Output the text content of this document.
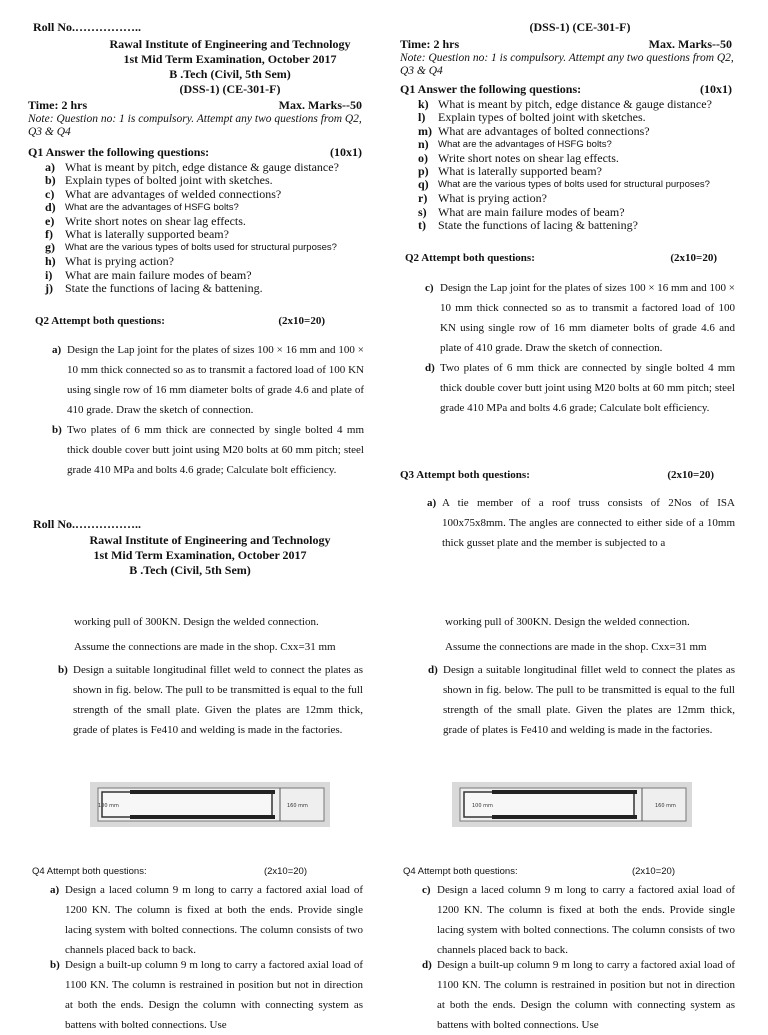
Roll No.……………..
Rawal Institute of Engineering and Technology
1st Mid Term Examination, October 2017
B .Tech (Civil, 5th Sem)
(DSS-1) (CE-301-F)
Time: 2 hrs	Max. Marks--50
Note: Question no: 1 is compulsory. Attempt any two questions from Q2, Q3 & Q4
Q1 Answer the following questions:	(10x1)
a) What is meant by pitch, edge distance & gauge distance?
b) Explain types of bolted joint with sketches.
c) What are advantages of welded connections?
d) What are the advantages of HSFG bolts?
e) Write short notes on shear lag effects.
f)	What is laterally supported beam?
g)	What are the various types of bolts used for structural purposes?
h) What is prying action?
i)	What are main failure modes of beam?
j)	State the functions of lacing & battening.
Q2 Attempt both questions:	(2x10=20)
a) Design the Lap joint for the plates of sizes 100 × 16 mm and 100 × 10 mm thick connected so as to transmit a factored load of 100 KN using single row of 16 mm diameter bolts of grade 4.6 and plate of 410 grade. Draw the sketch of connection.
b) Two plates of 6 mm thick are connected by single bolted 4 mm thick double cover butt joint using M20 bolts at 60 mm pitch; steel grade 410 MPa and bolts 4.6 grade; Calculate bolt efficiency.
Roll No.……………..
Rawal Institute of Engineering and Technology
1st Mid Term Examination, October 2017
B .Tech (Civil, 5th Sem)
(DSS-1) (CE-301-F)
Time: 2 hrs	Max. Marks--50
Note: Question no: 1 is compulsory. Attempt any two questions from Q2, Q3 & Q4
Q1 Answer the following questions:	(10x1)
k) What is meant by pitch, edge distance & gauge distance?
l)	Explain types of bolted joint with sketches.
m) What are advantages of bolted connections?
n) What are the advantages of HSFG bolts?
o) Write short notes on shear lag effects.
p) What is laterally supported beam?
q) What are the various types of bolts used for structural purposes?
r) What is prying action?
s) What are main failure modes of beam?
t)	State the functions of lacing & battening?
Q2 Attempt both questions:	(2x10=20)
c) Design the Lap joint for the plates of sizes 100 × 16 mm and 100 × 10 mm thick connected so as to transmit a factored load of 100 KN using single row of 16 mm diameter bolts of grade 4.6 and plate of 410 grade. Draw the sketch of connection.
d) Two plates of 6 mm thick are connected by single bolted 4 mm thick double cover butt joint using M20 bolts at 60 mm pitch; steel grade 410 MPa and bolts 4.6 grade; Calculate bolt efficiency.
Q3 Attempt both questions:	(2x10=20)
a) A tie member of a roof truss consists of 2Nos of ISA 100x75x8mm. The angles are connected to either side of a 10mm thick gusset plate and the member is subjected to a
working pull of 300KN. Design the welded connection.
Assume the connections are made in the shop. Cxx=31 mm
b) Design a suitable longitudinal fillet weld to connect the plates as shown in fig. below. The pull to be transmitted is equal to the full strength of the small plate. Given the plates are 12mm thick, grade of plates is Fe410 and welding is made in the factories.
100 mm	160 mm
Q4 Attempt both questions:	(2x10=20)
a) Design a laced column 9 m long to carry a factored axial load of 1200 KN. The column is fixed at both the ends. Provide single lacing system with bolted connections. The column consists of two channels placed back to back.
b) Design a built-up column 9 m long to carry a factored axial load of 1100 KN. The column is restrained in position but not in direction at both the ends. Design the column with connecting system as battens with bolted connections. Use
working pull of 300KN. Design the welded connection.
Assume the connections are made in the shop. Cxx=31 mm
d) Design a suitable longitudinal fillet weld to connect the plates as shown in fig. below. The pull to be transmitted is equal to the full strength of the small plate. Given the plates are 12mm thick, grade of plates is Fe410 and welding is made in the factories.
100 mm	160 mm
Q4 Attempt both questions:	(2x10=20)
c) Design a laced column 9 m long to carry a factored axial load of 1200 KN. The column is fixed at both the ends. Provide single lacing system with bolted connections. The column consists of two channels placed back to back.
d) Design a built-up column 9 m long to carry a factored axial load of 1100 KN. The column is restrained in position but not in direction at both the ends. Design the column with connecting system as battens with bolted connections. Use
